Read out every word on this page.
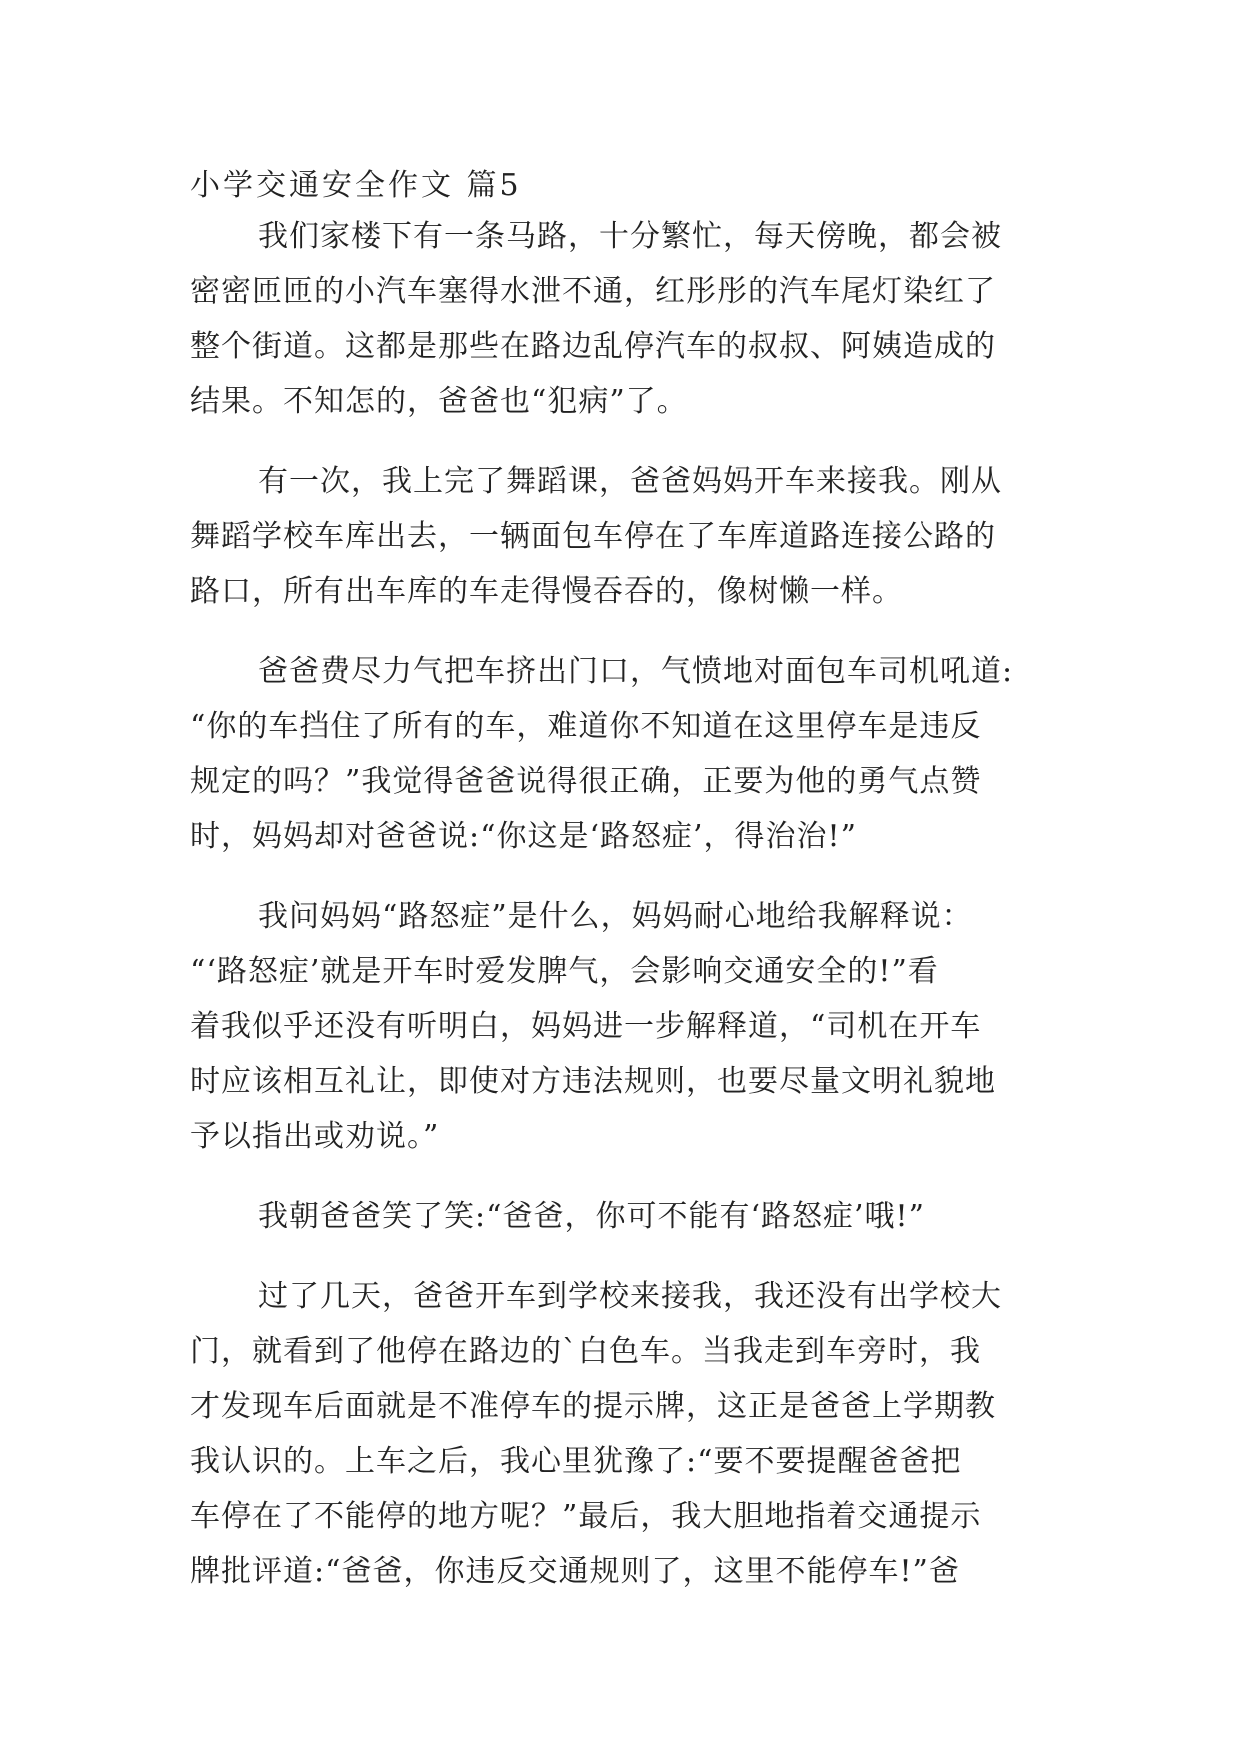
小学交通安全作文 篇5
我们家楼下有一条马路，十分繁忙，每天傍晚，都会被
密密匝匝的小汽车塞得水泄不通，红彤彤的汽车尾灯染红了
整个街道。这都是那些在路边乱停汽车的叔叔、阿姨造成的
结果。不知怎的，爸爸也“犯病”了。
有一次，我上完了舞蹈课，爸爸妈妈开车来接我。刚从
舞蹈学校车库出去，一辆面包车停在了车库道路连接公路的
路口，所有出车库的车走得慢吞吞的，像树懒一样。
爸爸费尽力气把车挤出门口，气愤地对面包车司机吼道:
“你的车挡住了所有的车，难道你不知道在这里停车是违反
规定的吗？”我觉得爸爸说得很正确，正要为他的勇气点赞
时，妈妈却对爸爸说:“你这是‘路怒症’，得治治!”
我问妈妈“路怒症”是什么，妈妈耐心地给我解释说：
“‘路怒症’就是开车时爱发脾气，会影响交通安全的!”看
着我似乎还没有听明白，妈妈进一步解释道，“司机在开车
时应该相互礼让，即使对方违法规则，也要尽量文明礼貌地
予以指出或劝说。”
我朝爸爸笑了笑:“爸爸，你可不能有‘路怒症’哦!”
过了几天，爸爸开车到学校来接我，我还没有出学校大
门，就看到了他停在路边的`白色车。当我走到车旁时，我
才发现车后面就是不准停车的提示牌，这正是爸爸上学期教
我认识的。上车之后，我心里犹豫了:“要不要提醒爸爸把
车停在了不能停的地方呢？”最后，我大胆地指着交通提示
牌批评道:“爸爸，你违反交通规则了，这里不能停车!”爸
